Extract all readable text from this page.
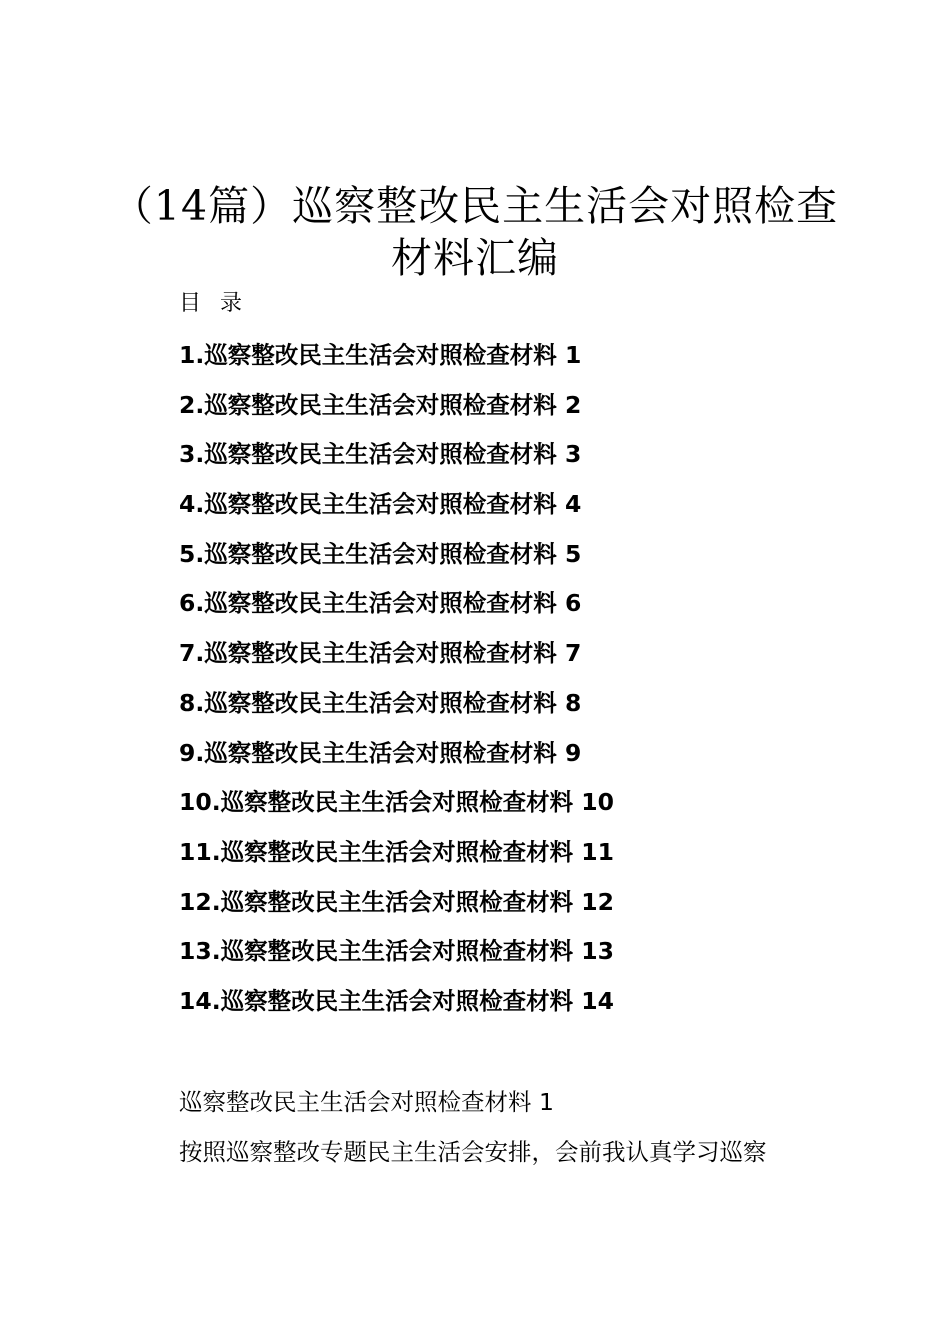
（14篇）巡察整改民主生活会对照检查
材料汇编
目 录
1.巡察整改民主生活会对照检查材料 1
2.巡察整改民主生活会对照检查材料 2
3.巡察整改民主生活会对照检查材料 3
4.巡察整改民主生活会对照检查材料 4
5.巡察整改民主生活会对照检查材料 5
6.巡察整改民主生活会对照检查材料 6
7.巡察整改民主生活会对照检查材料 7
8.巡察整改民主生活会对照检查材料 8
9.巡察整改民主生活会对照检查材料 9
10.巡察整改民主生活会对照检查材料 10
11.巡察整改民主生活会对照检查材料 11
12.巡察整改民主生活会对照检查材料 12
13.巡察整改民主生活会对照检查材料 13
14.巡察整改民主生活会对照检查材料 14
巡察整改民主生活会对照检查材料 1
按照巡察整改专题民主生活会安排，会前我认真学习巡察
